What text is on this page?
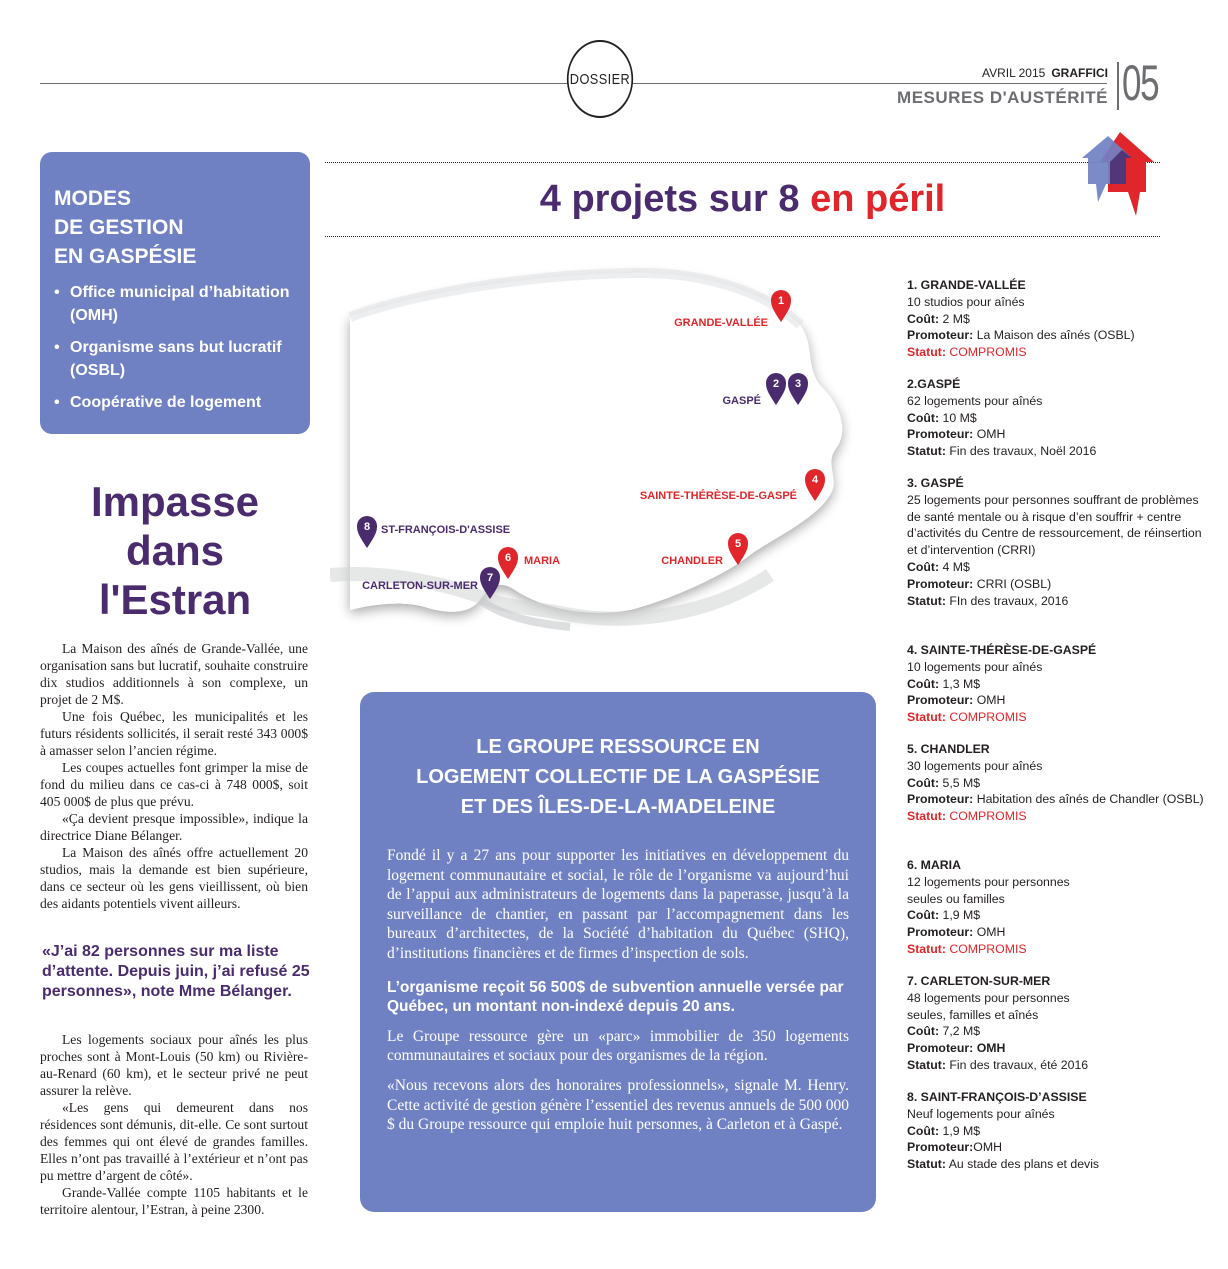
DOSSIER	AVRIL 2015 GRAFFICI
MESURES D'AUSTÉRITÉ 05
MODES
DE GESTION
EN GASPÉSIE
• Office municipal d’habitation (OMH)
• Organisme sans but lucratif (OSBL)
• Coopérative de logement
4 projets sur 8 en péril
Impasse
dans
l'Estran

La Maison des aînés de Grande-Vallée, une organisation sans but lucratif, souhaite construire dix studios additionnels à son complexe, un projet de 2 M$.

Une fois Québec, les municipalités et les futurs résidents sollicités, il serait resté 343 000$ à amasser selon l’ancien régime.

Les coupes actuelles font grimper la mise de fond du milieu dans ce cas-ci à 748 000$, soit 405 000$ de plus que prévu.

«Ça devient presque impossible», indique la directrice Diane Bélanger.

La Maison des aînés offre actuellement 20 studios, mais la demande est bien supérieure, dans ce secteur où les gens vieillissent, où bien des aidants potentiels vivent ailleurs.

«J’ai 82 personnes sur ma liste d’attente. Depuis juin, j’ai refusé 25 personnes», note Mme Bélanger.

Les logements sociaux pour aînés les plus proches sont à Mont-Louis (50 km) ou Rivière-au-Renard (60 km), et le secteur privé ne peut assurer la relève.

«Les gens qui demeurent dans nos résidences sont démunis, dit-elle. Ce sont surtout des femmes qui ont élevé de grandes familles. Elles n’ont pas travaillé à l’extérieur et n’ont pas pu mettre d’argent de côté».

Grande-Vallée compte 1105 habitants et le territoire alentour, l’Estran, à peine 2300.

1
GRANDE-VALLÉE
2 3
GASPÉ
4
SAINTE-THÉRÈSE-DE-GASPÉ
5
CHANDLER
6 MARIA
7
CARLETON-SUR-MER
8 ST-FRANÇOIS-D'ASSISE
LE GROUPE RESSOURCE EN
LOGEMENT COLLECTIF DE LA GASPÉSIE
ET DES ÎLES-DE-LA-MADELEINE

Fondé il y a 27 ans pour supporter les initiatives en développement du logement communautaire et social, le rôle de l’organisme va aujourd’hui de l’appui aux administrateurs de logements dans la paperasse, jusqu’à la surveillance de chantier, en passant par l’accompagnement dans les bureaux d’architectes, de la Société d’habitation du Québec (SHQ), d’institutions financières et de firmes d’inspection de sols.

L’organisme reçoit 56 500$ de subvention annuelle versée par Québec, un montant non-indexé depuis 20 ans.

Le Groupe ressource gère un «parc» immobilier de 350 logements communautaires et sociaux pour des organismes de la région.

«Nous recevons alors des honoraires professionnels», signale M. Henry. Cette activité de gestion génère l’essentiel des revenus annuels de 500 000 $ du Groupe ressource qui emploie huit personnes, à Carleton et à Gaspé.

1. GRANDE-VALLÉE
10 studios pour aînés
Coût: 2 M$
Promoteur: La Maison des aînés (OSBL)
Statut: COMPROMIS
2.GASPÉ
62 logements pour aînés
Coût: 10 M$
Promoteur: OMH
Statut: Fin des travaux, Noël 2016
3. GASPÉ
25 logements pour personnes souffrant de problèmes de santé mentale ou à risque d’en souffrir + centre d’activités du Centre de ressourcement, de réinsertion et d’intervention (CRRI)
Coût: 4 M$
Promoteur: CRRI (OSBL)
Statut: FIn des travaux, 2016
4. SAINTE-THÉRÈSE-DE-GASPÉ
10 logements pour aînés
Coût: 1,3 M$
Promoteur: OMH
Statut: COMPROMIS
5. CHANDLER
30 logements pour aînés
Coût: 5,5 M$
Promoteur: Habitation des aînés de Chandler (OSBL)
Statut: COMPROMIS
6. MARIA
12 logements pour personnes seules ou familles
Coût: 1,9 M$
Promoteur: OMH
Statut: COMPROMIS
7. CARLETON-SUR-MER
48 logements pour personnes seules, familles et aînés
Coût: 7,2 M$
Promoteur: OMH
Statut: Fin des travaux, été 2016
8. SAINT-FRANÇOIS-D’ASSISE
Neuf logements pour aînés
Coût: 1,9 M$
Promoteur:OMH
Statut: Au stade des plans et devis
